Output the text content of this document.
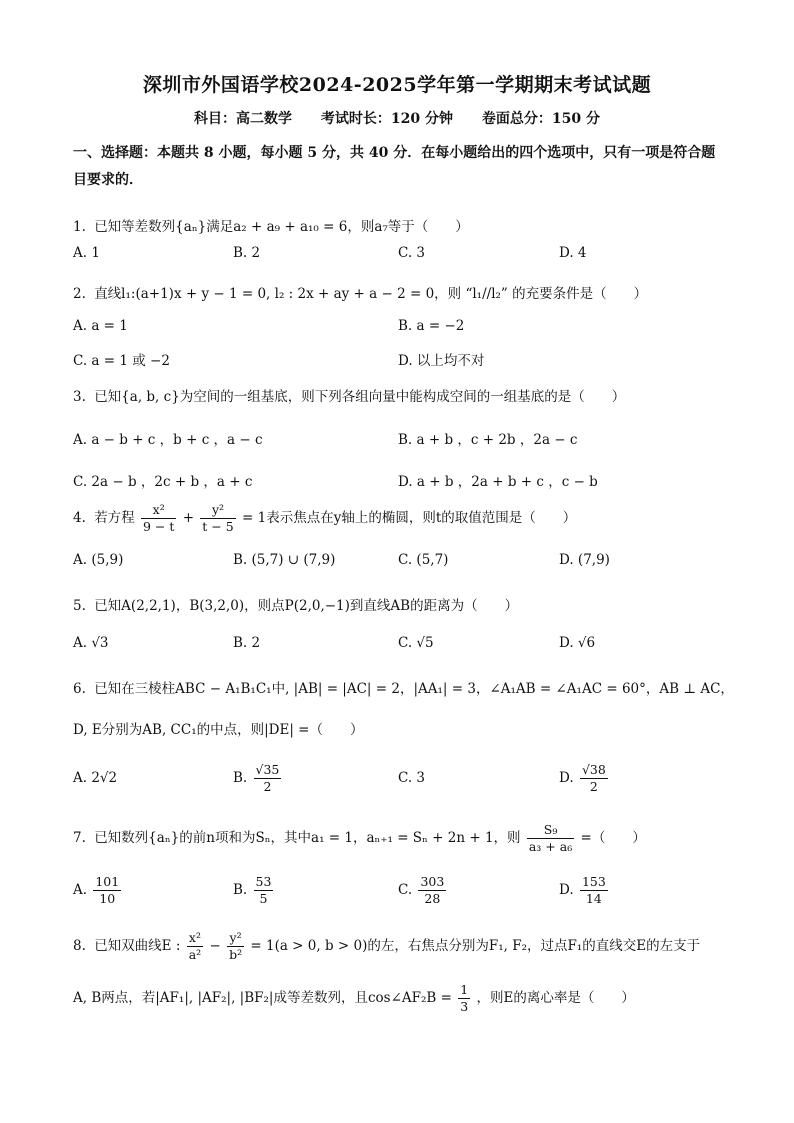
深圳市外国语学校2024-2025学年第一学期期末考试试题
科目：高二数学 考试时长：120 分钟 卷面总分：150 分
一、选择题：本题共 8 小题，每小题 5 分，共 40 分．在每小题给出的四个选项中，只有一项是符合题目要求的．
1. 已知等差数列{aₙ}满足a₂ + a₉ + a₁₀ = 6，则a₇等于（　　）
A. 1	B. 2	C. 3	D. 4
2. 直线l₁:(a+1)x + y − 1 = 0, l₂ : 2x + ay + a − 2 = 0，则 “l₁//l₂” 的充要条件是（　　）
A. a = 1	B. a = −2
C. a = 1 或 −2	D. 以上均不对
3. 已知{a, b, c}为空间的一组基底，则下列各组向量中能构成空间的一组基底的是（　　）
A. a − b + c ，b + c ，a − c	B. a + b ，c + 2b ，2a − c
C. 2a − b ，2c + b ，a + c	D. a + b ，2a + b + c ，c − b
4. 若方程 $\frac{\text{x²}}{9 - t} + \frac{\text{y²}}{t - 5} = 1$表示焦点在y轴上的椭圆，则t的取值范围是（　　）
A. (5,9)	B. (5,7) ∪ (7,9)	C. (5,7)	D. (7,9)
5. 已知A(2,2,1)，B(3,2,0)，则点P(2,0,−1)到直线AB的距离为（　　）
A. √3	B. 2	C. √5	D. √6
6. 已知在三棱柱ABC − A₁B₁C₁中, |AB| = |AC| = 2，|AA₁| = 3，∠A₁AB = ∠A₁AC = 60°，AB ⊥ AC，
D, E分别为AB, CC₁的中点，则|DE| =（　　）
A. 2√2	B. $\frac{√35}{2}$	C. 3	D. $\frac{√38}{2}$
7. 已知数列{aₙ}的前n项和为Sₙ，其中a₁ = 1，aₙ₊₁ = Sₙ + 2n + 1，则 $\frac{\text{S₉}}{\text{a₃ + a₆}}$ =（　　）
A. $\frac{101}{10}$	B. $\frac{53}{5}$	C. $\frac{303}{28}$	D. $\frac{153}{14}$
8. 已知双曲线E : $\frac{\text{x²}}{\text{a²}} - \frac{\text{y²}}{\text{b²}} = 1(a > 0$, b > 0)的左，右焦点分别为F₁, F₂，过点F₁的直线交E的左支于
A, B两点，若|AF₁|, |AF₂|, |BF₂|成等差数列，且cos∠AF₂B = $\frac{1}{3}$ ，则E的离心率是（　　）
